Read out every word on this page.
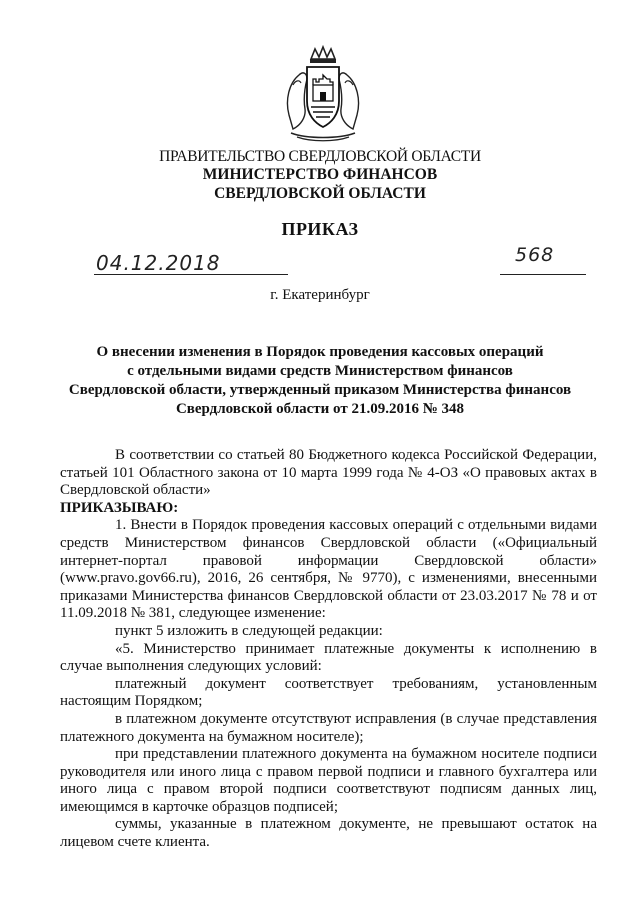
ПРАВИТЕЛЬСТВО СВЕРДЛОВСКОЙ ОБЛАСТИ
МИНИСТЕРСТВО ФИНАНСОВ
СВЕРДЛОВСКОЙ ОБЛАСТИ
ПРИКАЗ
04.12.2018	568
г. Екатеринбург
О внесении изменения в Порядок проведения кассовых операций
с отдельными видами средств Министерством финансов
Свердловской области, утвержденный приказом Министерства финансов
Свердловской области от 21.09.2016 № 348

В соответствии со статьей 80 Бюджетного кодекса Российской Федерации, статьей 101 Областного закона от 10 марта 1999 года № 4-ОЗ «О правовых актах в Свердловской области»

ПРИКАЗЫВАЮ:

1. Внести в Порядок проведения кассовых операций с отдельными видами средств Министерством финансов Свердловской области («Официальный интернет-портал правовой информации Свердловской области» (www.pravo.gov66.ru), 2016, 26 сентября, № 9770), с изменениями, внесенными приказами Министерства финансов Свердловской области от 23.03.2017 № 78 и от 11.09.2018 № 381, следующее изменение:

пункт 5 изложить в следующей редакции:

«5. Министерство принимает платежные документы к исполнению в случае выполнения следующих условий:

платежный документ соответствует требованиям, установленным настоящим Порядком;

в платежном документе отсутствуют исправления (в случае представления платежного документа на бумажном носителе);

при представлении платежного документа на бумажном носителе подписи руководителя или иного лица с правом первой подписи и главного бухгалтера или иного лица с правом второй подписи соответствуют подписям данных лиц, имеющимся в карточке образцов подписей;

суммы, указанные в платежном документе, не превышают остаток на лицевом счете клиента.
